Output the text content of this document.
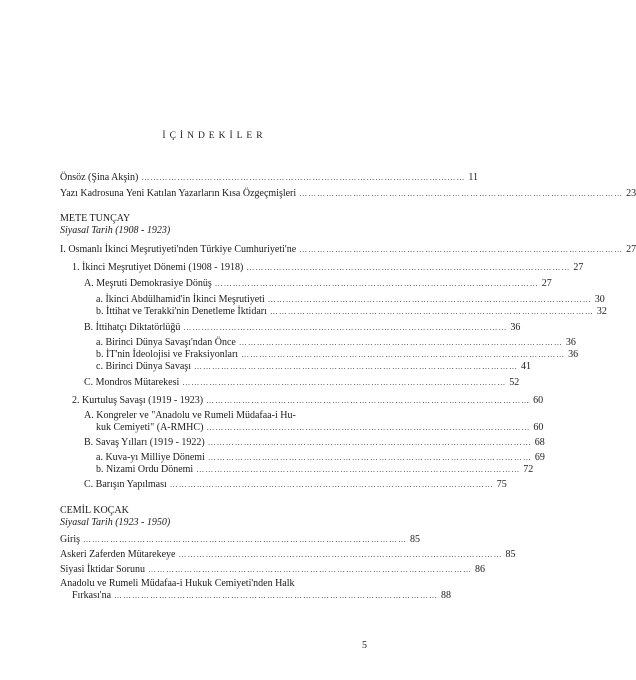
İÇİNDEKİLER
Önsöz (Şina Akşin) ………………………………………………………………………………………………	11
Yazı Kadrosuna Yeni Katılan Yazarların Kısa Özgeçmişleri ………………………………………………………………………………………………	23
METE TUNÇAY
Siyasal Tarih (1908 - 1923)
I. Osmanlı İkinci Meşrutiyeti'nden Türkiye Cumhuriyeti'ne ………………………………………………………………………………………………	27
1. İkinci Meşrutiyet Dönemi (1908 - 1918) ………………………………………………………………………………………………	27
A. Meşruti Demokrasiye Dönüş ………………………………………………………………………………………………	27
a. İkinci Abdülhamid'in İkinci Meşrutiyeti ………………………………………………………………………………………………	30
b. İttihat ve Terakki'nin Denetleme İktidarı ………………………………………………………………………………………………	32
B. İttihatçı Diktatörlüğü ………………………………………………………………………………………………	36
a. Birinci Dünya Savaşı'ndan Önce ………………………………………………………………………………………………	36
b. İT'nin İdeolojisi ve Fraksiyonları ………………………………………………………………………………………………	36
c. Birinci Dünya Savaşı ………………………………………………………………………………………………	41
C. Mondros Mütarekesi ………………………………………………………………………………………………	52
2. Kurtuluş Savaşı (1919 - 1923) ………………………………………………………………………………………………	60
A. Kongreler ve "Anadolu ve Rumeli Müdafaa-i Hu-
kuk Cemiyeti" (A-RMHC) ………………………………………………………………………………………………	60
B. Savaş Yılları (1919 - 1922) ………………………………………………………………………………………………	68
a. Kuva-yı Milliye Dönemi ………………………………………………………………………………………………	69
b. Nizami Ordu Dönemi ………………………………………………………………………………………………	72
C. Barışın Yapılması ………………………………………………………………………………………………	75
CEMİL KOÇAK
Siyasal Tarih (1923 - 1950)
Giriş ………………………………………………………………………………………………	85
Askeri Zaferden Mütarekeye ………………………………………………………………………………………………	85
Siyasi İktidar Sorunu ………………………………………………………………………………………………	86
Anadolu ve Rumeli Müdafaa-i Hukuk Cemiyeti'nden Halk
Fırkası'na ………………………………………………………………………………………………	88
5
